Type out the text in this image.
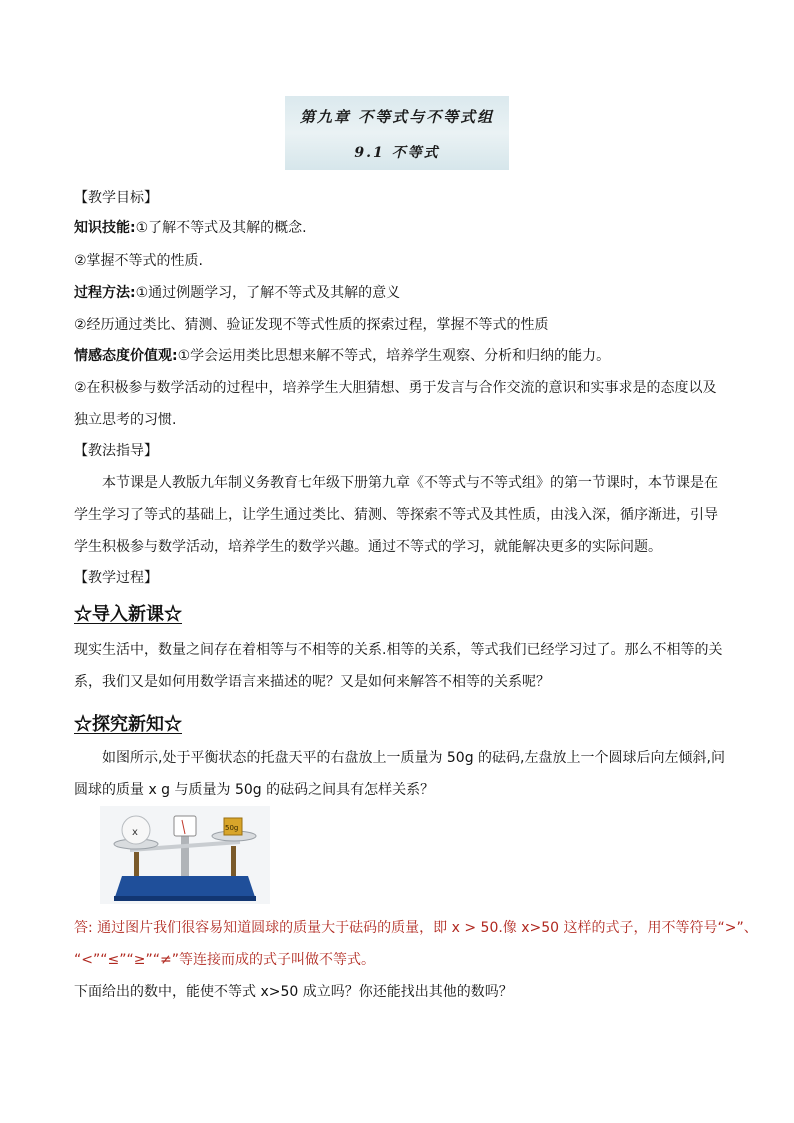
第九章 不等式与不等式组
9.1 不等式
【教学目标】
知识技能:①了解不等式及其解的概念.
②掌握不等式的性质.
过程方法:①通过例题学习，了解不等式及其解的意义
②经历通过类比、猜测、验证发现不等式性质的探索过程，掌握不等式的性质
情感态度价值观:①学会运用类比思想来解不等式，培养学生观察、分析和归纳的能力。
②在积极参与数学活动的过程中，培养学生大胆猜想、勇于发言与合作交流的意识和实事求是的态度以及
独立思考的习惯.
【教法指导】
本节课是人教版九年制义务教育七年级下册第九章《不等式与不等式组》的第一节课时，本节课是在
学生学习了等式的基础上，让学生通过类比、猜测、等探索不等式及其性质，由浅入深，循序渐进，引导
学生积极参与数学活动，培养学生的数学兴趣。通过不等式的学习，就能解决更多的实际问题。
【教学过程】
☆导入新课☆
现实生活中，数量之间存在着相等与不相等的关系.相等的关系，等式我们已经学习过了。那么不相等的关
系，我们又是如何用数学语言来描述的呢？又是如何来解答不相等的关系呢？
☆探究新知☆
如图所示,处于平衡状态的托盘天平的右盘放上一质量为 50g 的砝码,左盘放上一个圆球后向左倾斜,问
圆球的质量 x g 与质量为 50g 的砝码之间具有怎样关系？
x	50g
答: 通过图片我们很容易知道圆球的质量大于砝码的质量，即 x > 50.像 x>50 这样的式子，用不等符号“>”、
“<”“≤”“≥”“≠”等连接而成的式子叫做不等式。
下面给出的数中，能使不等式 x>50 成立吗？你还能找出其他的数吗？
